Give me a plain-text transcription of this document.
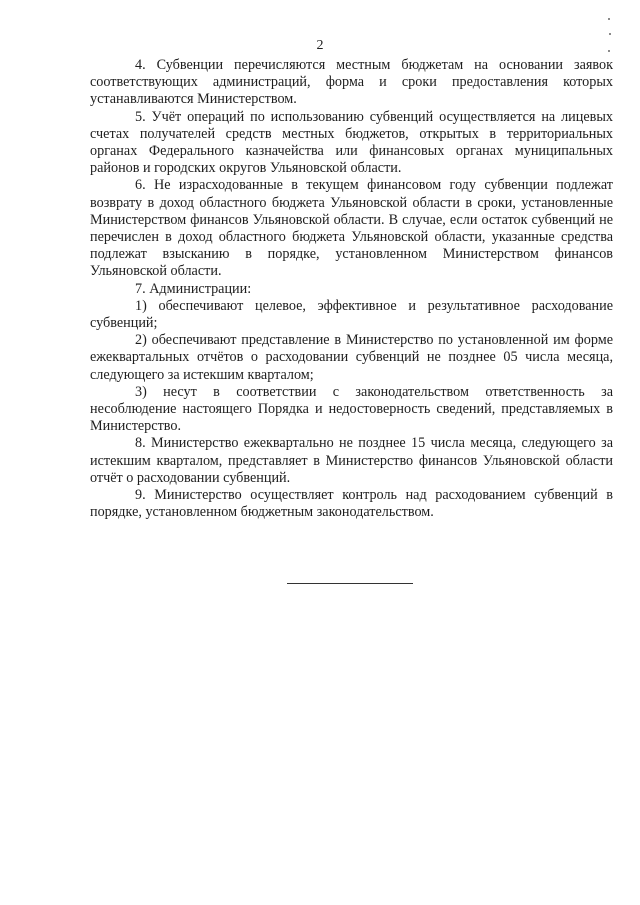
2

4. Субвенции перечисляются местным бюджетам на основании заявок соответствующих администраций, форма и сроки предоставления которых устанавливаются Министерством.

5. Учёт операций по использованию субвенций осуществляется на лицевых счетах получателей средств местных бюджетов, открытых в территориальных органах Федерального казначейства или финансовых органах муниципальных районов и городских округов Ульяновской области.

6. Не израсходованные в текущем финансовом году субвенции подлежат возврату в доход областного бюджета Ульяновской области в сроки, установленные Министерством финансов Ульяновской области. В случае, если остаток субвенций не перечислен в доход областного бюджета Ульяновской области, указанные средства подлежат взысканию в порядке, установленном Министерством финансов Ульяновской области.

7. Администрации:

1) обеспечивают целевое, эффективное и результативное расходование субвенций;

2) обеспечивают представление в Министерство по установленной им форме ежеквартальных отчётов о расходовании субвенций не позднее 05 числа месяца, следующего за истекшим кварталом;

3) несут в соответствии с законодательством ответственность за несоблюдение настоящего Порядка и недостоверность сведений, представляемых в Министерство.

8. Министерство ежеквартально не позднее 15 числа месяца, следующего за истекшим кварталом, представляет в Министерство финансов Ульяновской области отчёт о расходовании субвенций.

9. Министерство осуществляет контроль над расходованием субвенций в порядке, установленном бюджетным законодательством.
